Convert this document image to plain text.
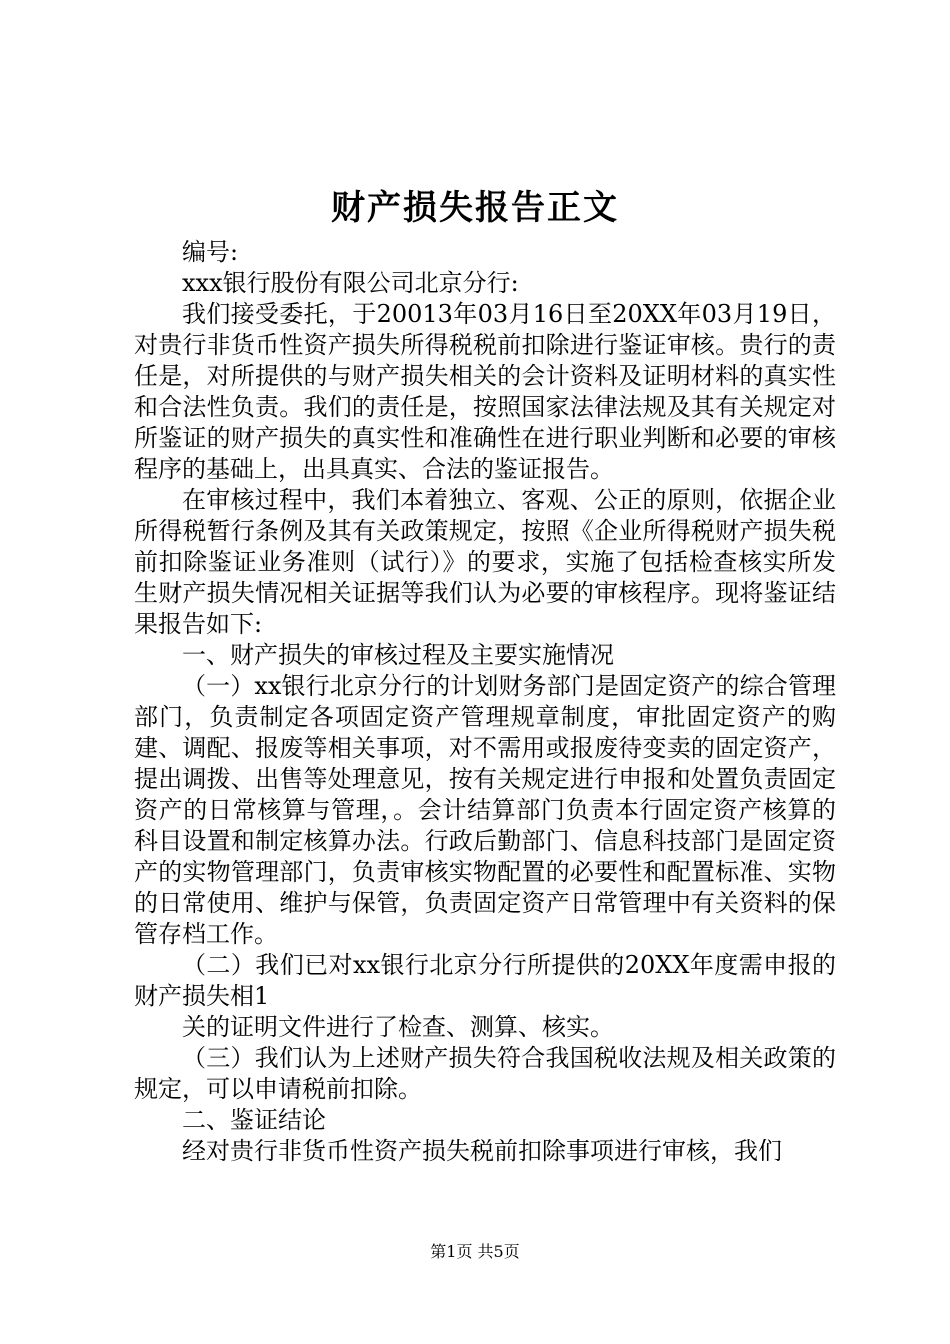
财产损失报告正文

编号:

xxx银行股份有限公司北京分行:

我们接受委托，于20013年03月16日至20XX年03月19日，对贵行非货币性资产损失所得税税前扣除进行鉴证审核。贵行的责任是，对所提供的与财产损失相关的会计资料及证明材料的真实性和合法性负责。我们的责任是，按照国家法律法规及其有关规定对所鉴证的财产损失的真实性和准确性在进行职业判断和必要的审核程序的基础上，出具真实、合法的鉴证报告。

在审核过程中，我们本着独立、客观、公正的原则，依据企业所得税暂行条例及其有关政策规定，按照《企业所得税财产损失税前扣除鉴证业务准则（试行）》的要求，实施了包括检查核实所发生财产损失情况相关证据等我们认为必要的审核程序。现将鉴证结果报告如下:

一、财产损失的审核过程及主要实施情况

（一）xx银行北京分行的计划财务部门是固定资产的综合管理部门，负责制定各项固定资产管理规章制度，审批固定资产的购建、调配、报废等相关事项，对不需用或报废待变卖的固定资产，提出调拨、出售等处理意见，按有关规定进行申报和处置负责固定资产的日常核算与管理，。会计结算部门负责本行固定资产核算的科目设置和制定核算办法。行政后勤部门、信息科技部门是固定资产的实物管理部门，负责审核实物配置的必要性和配置标准、实物的日常使用、维护与保管，负责固定资产日常管理中有关资料的保管存档工作。

（二）我们已对xx银行北京分行所提供的20XX年度需申报的财产损失相1

关的证明文件进行了检查、测算、核实。

（三）我们认为上述财产损失符合我国税收法规及相关政策的规定，可以申请税前扣除。

二、鉴证结论

经对贵行非货币性资产损失税前扣除事项进行审核，我们

第1页 共5页
